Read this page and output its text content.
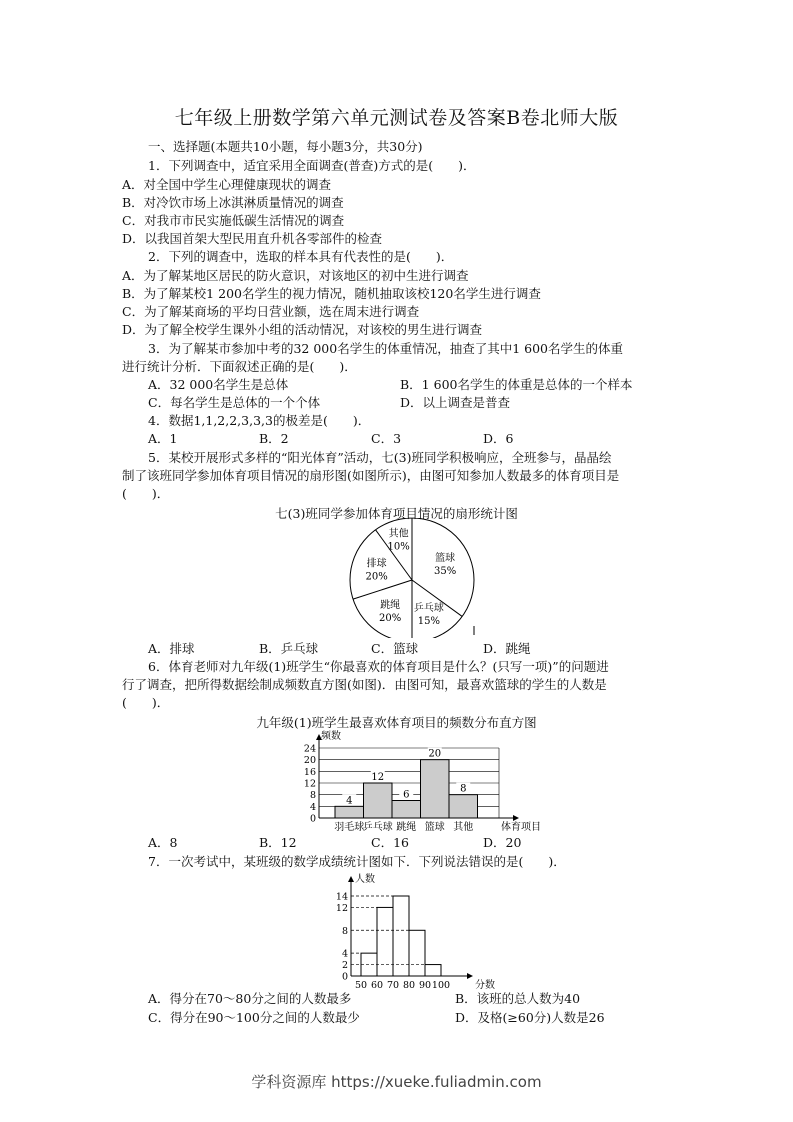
七年级上册数学第六单元测试卷及答案B卷北师大版
一、选择题(本题共10小题，每小题3分，共30分)
1．下列调查中，适宜采用全面调查(普查)方式的是(　　)．
A．对全国中学生心理健康现状的调查
B．对冷饮市场上冰淇淋质量情况的调查
C．对我市市民实施低碳生活情况的调查
D．以我国首架大型民用直升机各零部件的检查
2．下列的调查中，选取的样本具有代表性的是(　　)．
A．为了解某地区居民的防火意识，对该地区的初中生进行调查
B．为了解某校1 200名学生的视力情况，随机抽取该校120名学生进行调查
C．为了解某商场的平均日营业额，选在周末进行调查
D．为了解全校学生课外小组的活动情况，对该校的男生进行调查
3．为了解某市参加中考的32 000名学生的体重情况，抽查了其中1 600名学生的体重
进行统计分析．下面叙述正确的是(　　)．
A．32 000名学生是总体	B．1 600名学生的体重是总体的一个样本
C．每名学生是总体的一个个体	D．以上调查是普查
4．数据1,1,2,2,3,3,3的极差是(　　)．
A．1	B．2	C．3	D．6
5．某校开展形式多样的“阳光体育”活动，七(3)班同学积极响应，全班参与，晶晶绘
制了该班同学参加体育项目情况的扇形图(如图所示)，由图可知参加人数最多的体育项目是
(　　)．
七(3)班同学参加体育项目情况的扇形统计图
其他
10%
篮球
35%
乒乓球
15%
跳绳
20%
排球
20%
A．排球	B．乒乓球	C．篮球	D．跳绳
6．体育老师对九年级(1)班学生“你最喜欢的体育项目是什么？(只写一项)”的问题进
行了调查，把所得数据绘制成频数直方图(如图)．由图可知，最喜欢篮球的学生的人数是
(　　)．
九年级(1)班学生最喜欢体育项目的频数分布直方图
频数
0
4
8
12
16
20
24
4
羽毛球
12
乒乓球
6
跳绳
20
篮球
8
其他	体育项目
A．8	B．12	C．16	D．20
7．一次考试中，某班级的数学成绩统计图如下．下列说法错误的是(　　)．
人数
0
2
4
8
12
14
50 60 70 80 90 100 分数
A．得分在70～80分之间的人数最多	B．该班的总人数为40
C．得分在90～100分之间的人数最少	D．及格(≥60分)人数是26
学科资源库 https://xueke.fuliadmin.com
